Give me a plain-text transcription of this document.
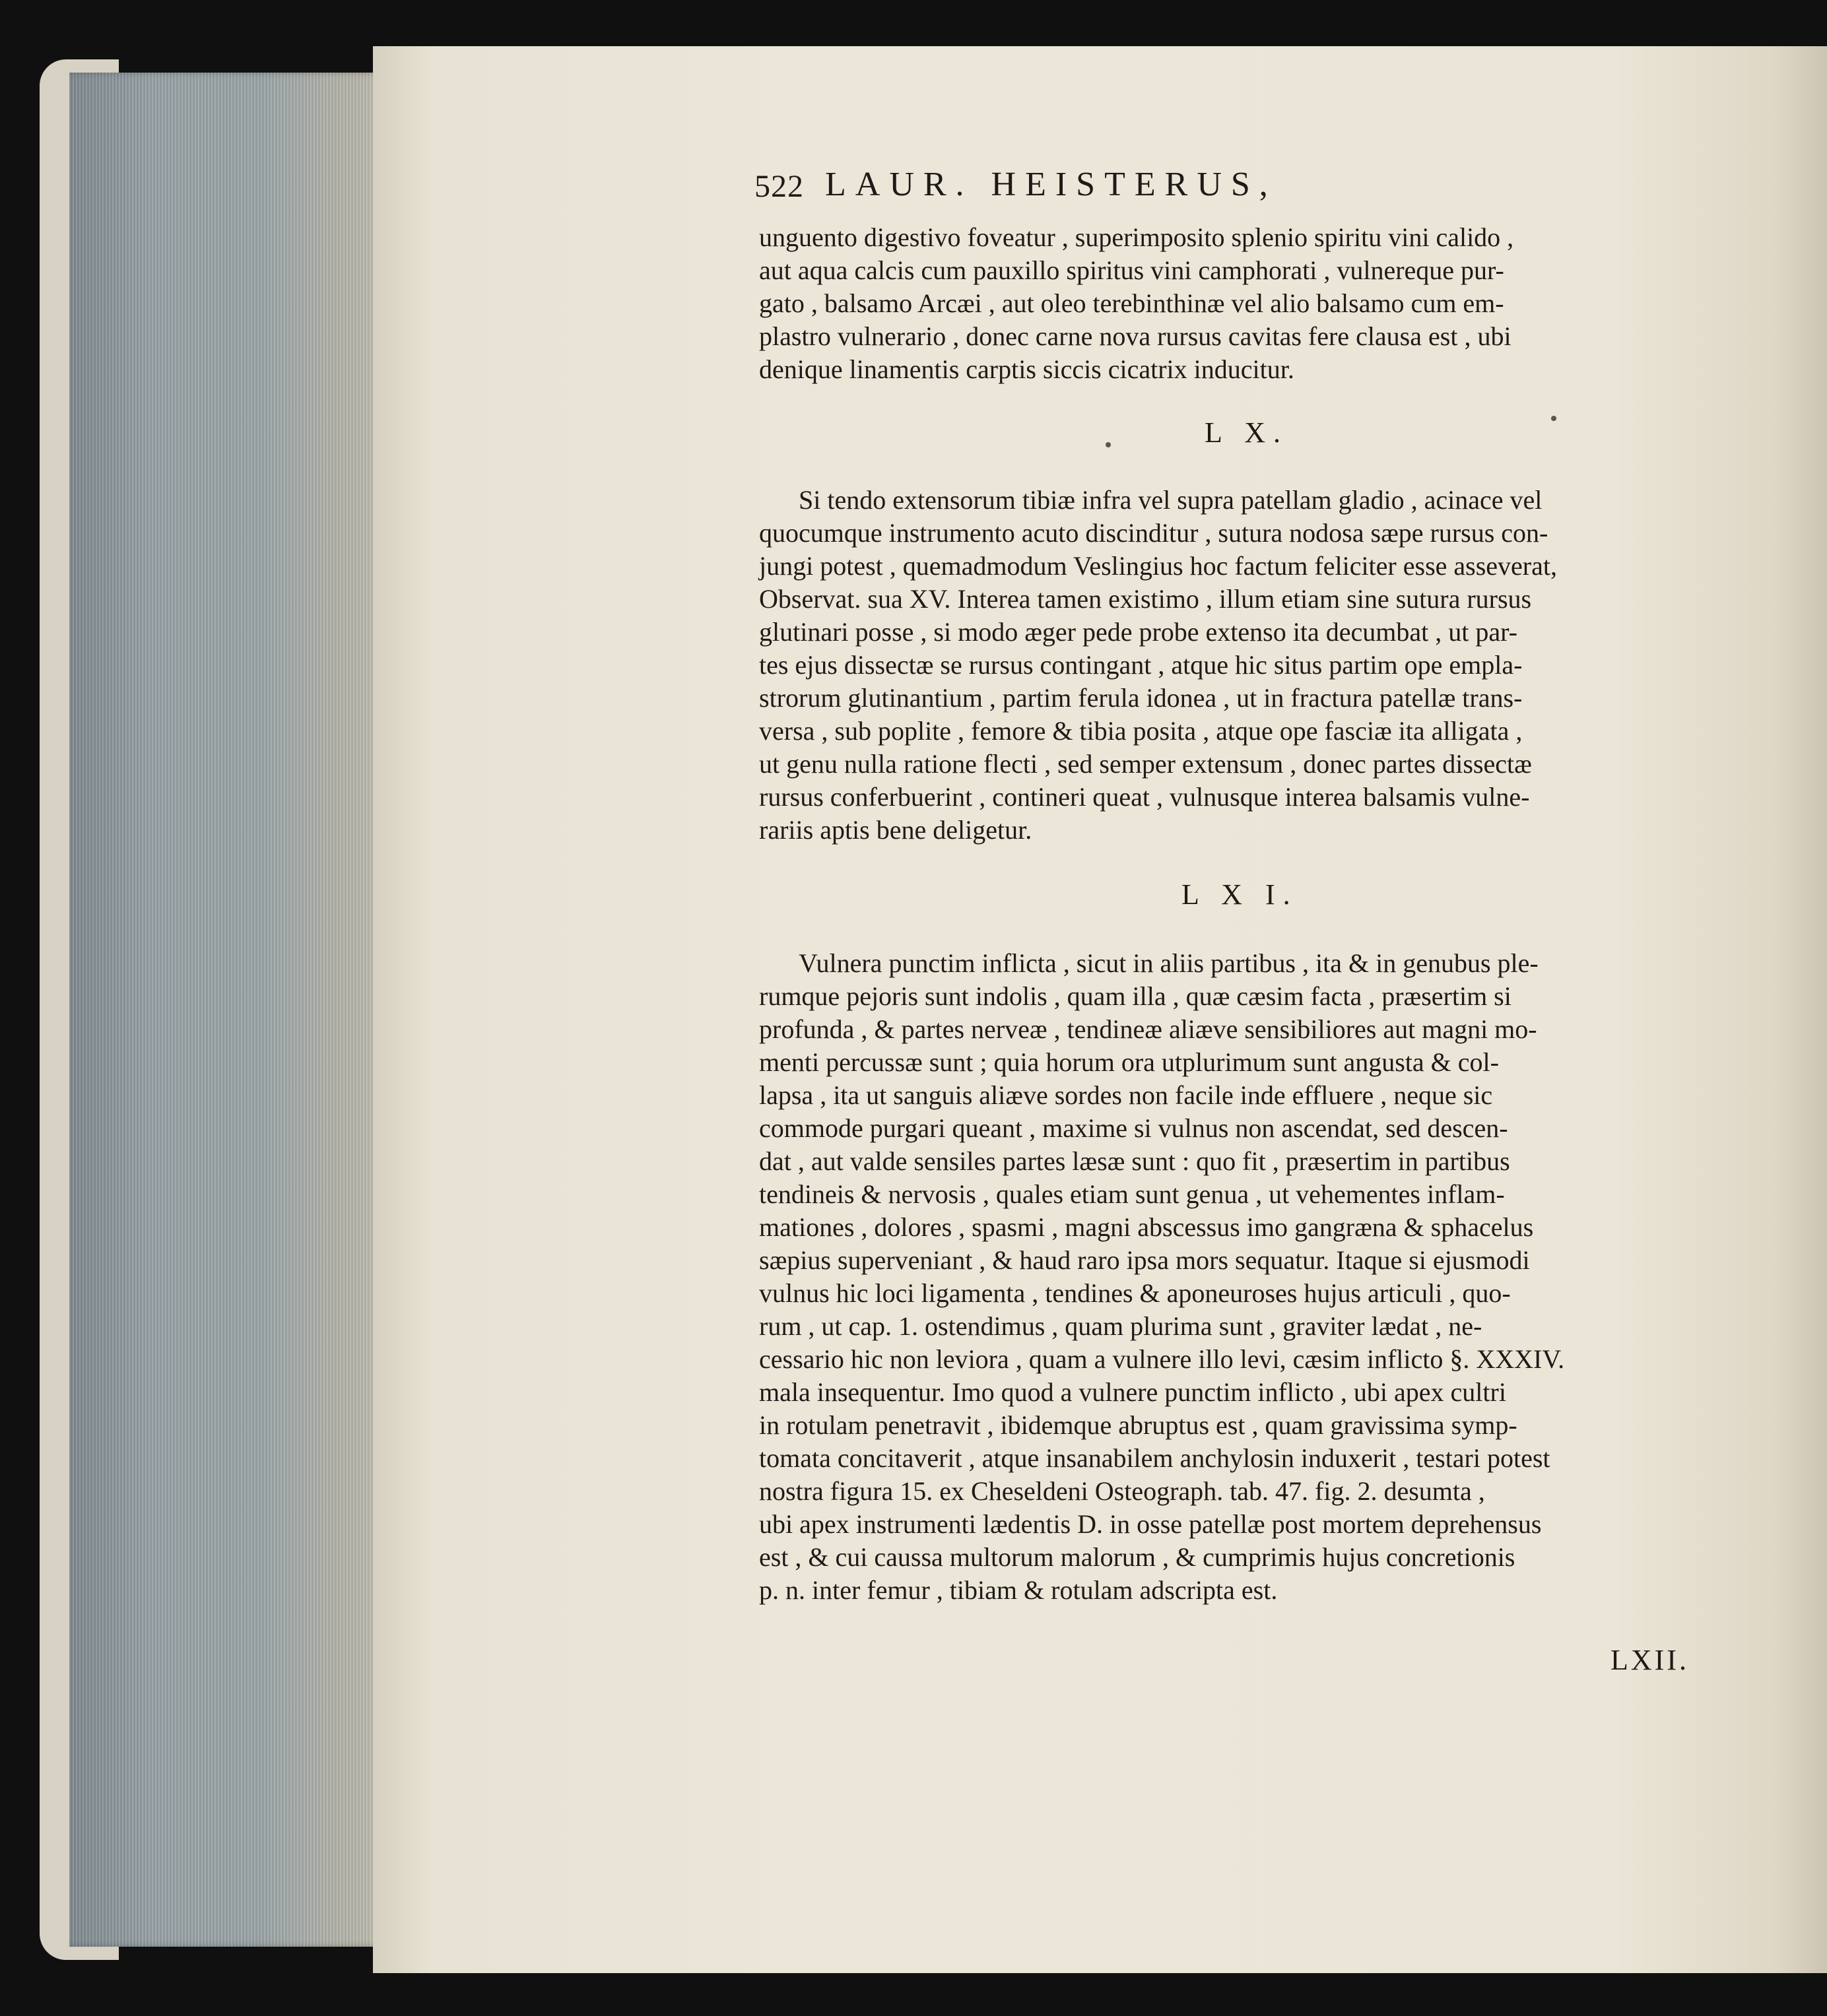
522 LAUR. HEISTERUS,
unguento digestivo foveatur , superimposito splenio spiritu vini calido ,
aut aqua calcis cum pauxillo spiritus vini camphorati , vulnereque pur-
gato , balsamo Arcæi , aut oleo terebinthinæ vel alio balsamo cum em-
plastro vulnerario , donec carne nova rursus cavitas fere clausa est , ubi
denique linamentis carptis siccis cicatrix inducitur.
L X.
Si tendo extensorum tibiæ infra vel supra patellam gladio , acinace vel
quocumque instrumento acuto discinditur , sutura nodosa sæpe rursus con-
jungi potest , quemadmodum Veslingius hoc factum feliciter esse asseverat,
Observat. sua XV. Interea tamen existimo , illum etiam sine sutura rursus
glutinari posse , si modo æger pede probe extenso ita decumbat , ut par-
tes ejus dissectæ se rursus contingant , atque hic situs partim ope empla-
strorum glutinantium , partim ferula idonea , ut in fractura patellæ trans-
versa , sub poplite , femore & tibia posita , atque ope fasciæ ita alligata ,
ut genu nulla ratione flecti , sed semper extensum , donec partes dissectæ
rursus conferbuerint , contineri queat , vulnusque interea balsamis vulne-
rariis aptis bene deligetur.
L X I.
Vulnera punctim inflicta , sicut in aliis partibus , ita & in genubus ple-
rumque pejoris sunt indolis , quam illa , quæ cæsim facta , præsertim si
profunda , & partes nerveæ , tendineæ aliæve sensibiliores aut magni mo-
menti percussæ sunt ; quia horum ora utplurimum sunt angusta & col-
lapsa , ita ut sanguis aliæve sordes non facile inde effluere , neque sic
commode purgari queant , maxime si vulnus non ascendat, sed descen-
dat , aut valde sensiles partes læsæ sunt : quo fit , præsertim in partibus
tendineis & nervosis , quales etiam sunt genua , ut vehementes inflam-
mationes , dolores , spasmi , magni abscessus imo gangræna & sphacelus
sæpius superveniant , & haud raro ipsa mors sequatur. Itaque si ejusmodi
vulnus hic loci ligamenta , tendines & aponeuroses hujus articuli , quo-
rum , ut cap. 1. ostendimus , quam plurima sunt , graviter lædat , ne-
cessario hic non leviora , quam a vulnere illo levi, cæsim inflicto §. XXXIV.
mala insequentur. Imo quod a vulnere punctim inflicto , ubi apex cultri
in rotulam penetravit , ibidemque abruptus est , quam gravissima symp-
tomata concitaverit , atque insanabilem anchylosin induxerit , testari potest
nostra figura 15. ex Cheseldeni Osteograph. tab. 47. fig. 2. desumta ,
ubi apex instrumenti lædentis D. in osse patellæ post mortem deprehensus
est , & cui caussa multorum malorum , & cumprimis hujus concretionis
p. n. inter femur , tibiam & rotulam adscripta est.
LXII.
